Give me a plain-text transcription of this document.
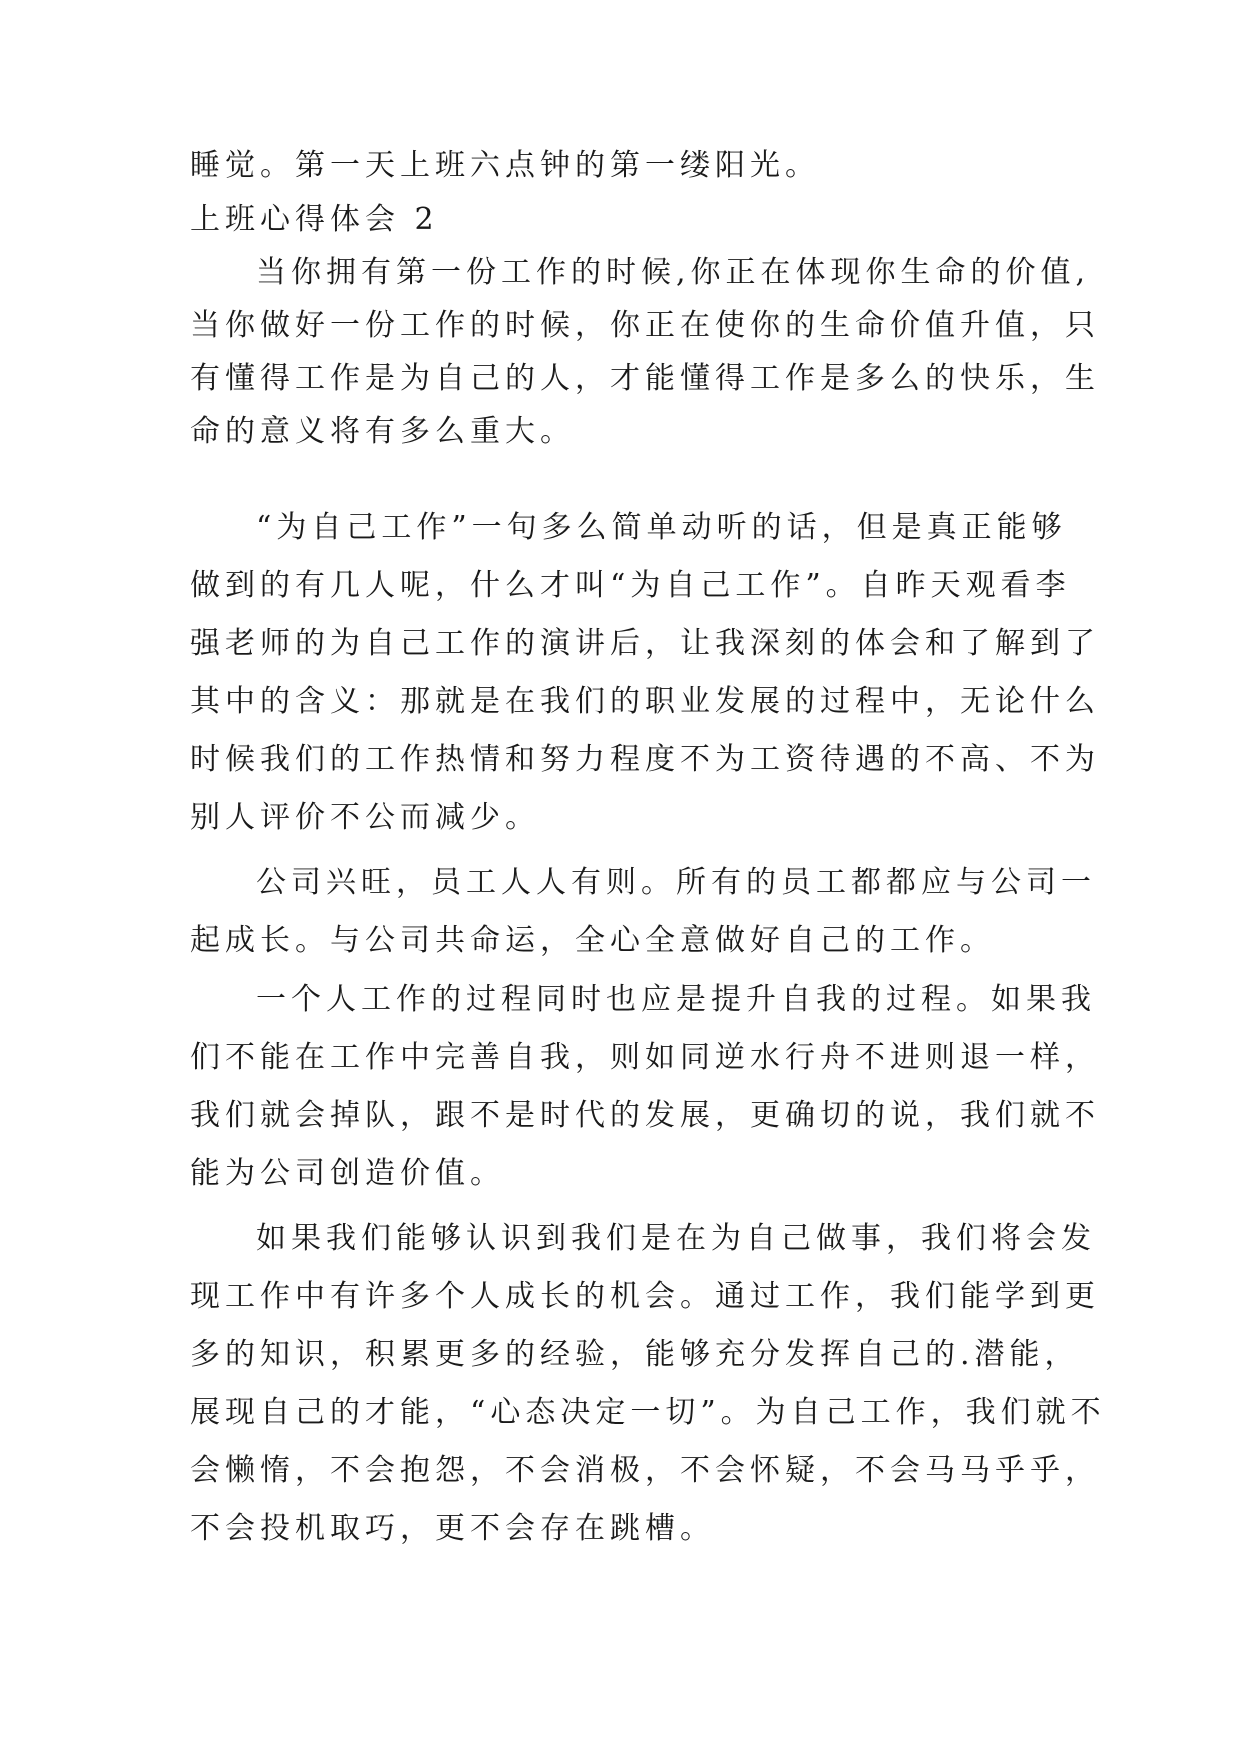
睡觉。第一天上班六点钟的第一缕阳光。
上班心得体会 2
当你拥有第一份工作的时候,你正在体现你生命的价值,
当你做好一份工作的时候，你正在使你的生命价值升值，只
有懂得工作是为自己的人，才能懂得工作是多么的快乐，生
命的意义将有多么重大。
“为自己工作”一句多么简单动听的话，但是真正能够
做到的有几人呢，什么才叫“为自己工作”。自昨天观看李
强老师的为自己工作的演讲后，让我深刻的体会和了解到了
其中的含义：那就是在我们的职业发展的过程中，无论什么
时候我们的工作热情和努力程度不为工资待遇的不高、不为
别人评价不公而减少。
公司兴旺，员工人人有则。所有的员工都都应与公司一
起成长。与公司共命运，全心全意做好自己的工作。
一个人工作的过程同时也应是提升自我的过程。如果我
们不能在工作中完善自我，则如同逆水行舟不进则退一样，
我们就会掉队，跟不是时代的发展，更确切的说，我们就不
能为公司创造价值。
如果我们能够认识到我们是在为自己做事，我们将会发
现工作中有许多个人成长的机会。通过工作，我们能学到更
多的知识，积累更多的经验，能够充分发挥自己的.潜能，
展现自己的才能，“心态决定一切”。为自己工作，我们就不
会懒惰，不会抱怨，不会消极，不会怀疑，不会马马乎乎，
不会投机取巧，更不会存在跳槽。
